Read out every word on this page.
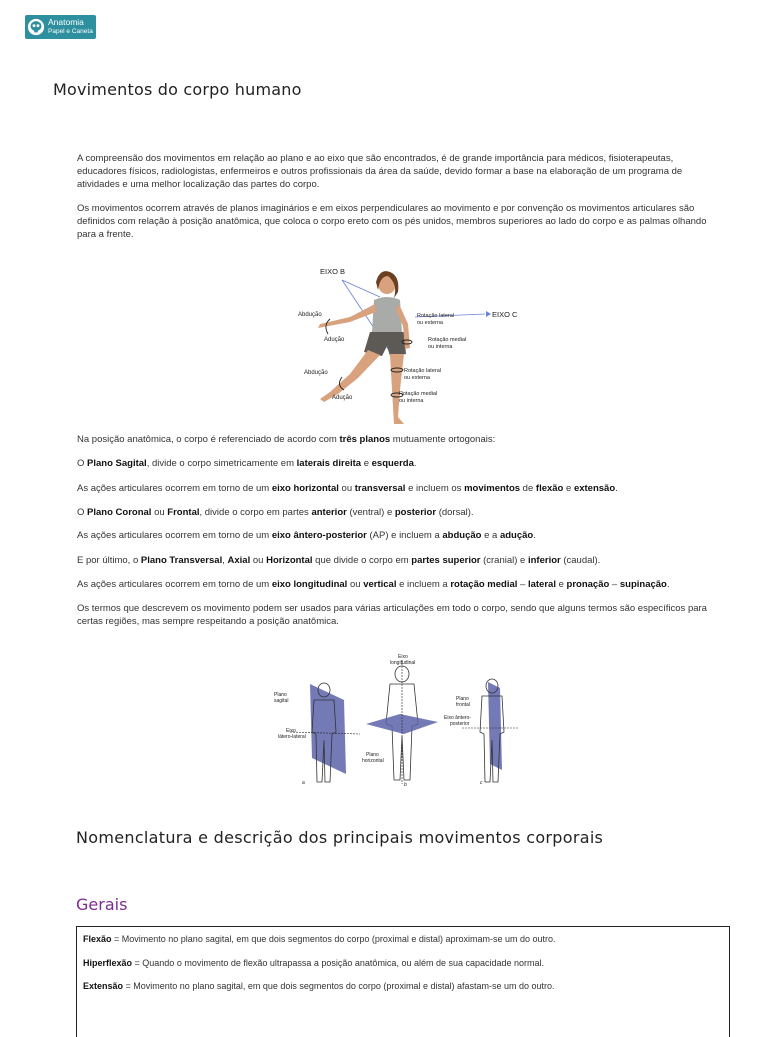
Anatomia
Papel e Caneta
Movimentos do corpo humano

A compreensão dos movimentos em relação ao plano e ao eixo que são encontrados, é de grande importância para médicos, fisioterapeutas, educadores físicos, radiologistas, enfermeiros e outros profissionais da área da saúde, devido formar a base na elaboração de um programa de atividades e uma melhor localização das partes do corpo.

Os movimentos ocorrem através de planos imaginários e em eixos perpendiculares ao movimento e por convenção os movimentos articulares são definidos com relação à posição anatômica, que coloca o corpo ereto com os pés unidos, membros superiores ao lado do corpo e as palmas olhando para a frente.

EIXO B
EIXO C
Abdução
Adução
Rotação lateral
ou externa
Rotação medial
ou interna
Abdução
Adução
Rotação lateral
ou externa
Rotação medial
ou interna

Na posição anatômica, o corpo é referenciado de acordo com três planos mutuamente ortogonais:

O Plano Sagital, divide o corpo simetricamente em laterais direita e esquerda.

As ações articulares ocorrem em torno de um eixo horizontal ou transversal e incluem os movimentos de flexão e extensão.

O Plano Coronal ou Frontal, divide o corpo em partes anterior (ventral) e posterior (dorsal).

As ações articulares ocorrem em torno de um eixo ântero-posterior (AP) e incluem a abdução e a adução.

E por último, o Plano Transversal, Axial ou Horizontal que divide o corpo em partes superior (cranial) e inferior (caudal).

As ações articulares ocorrem em torno de um eixo longitudinal ou vertical e incluem a rotação medial – lateral e pronação – supinação.

Os termos que descrevem os movimento podem ser usados para várias articulações em todo o corpo, sendo que alguns termos são específicos para certas regiões, mas sempre respeitando a posição anatômica.

Plano
sagital
Eixo
látero-lateral
Eixo
longitudinal
Plano
horizontal
Plano
frontal
Eixo ântero-
posterior
a	b	c
Nomenclatura e descrição dos principais movimentos corporais
Gerais

Flexão = Movimento no plano sagital, em que dois segmentos do corpo (proximal e distal) aproximam-se um do outro.

Hiperflexão = Quando o movimento de flexão ultrapassa a posição anatômica, ou além de sua capacidade normal.

Extensão = Movimento no plano sagital, em que dois segmentos do corpo (proximal e distal) afastam-se um do outro.
